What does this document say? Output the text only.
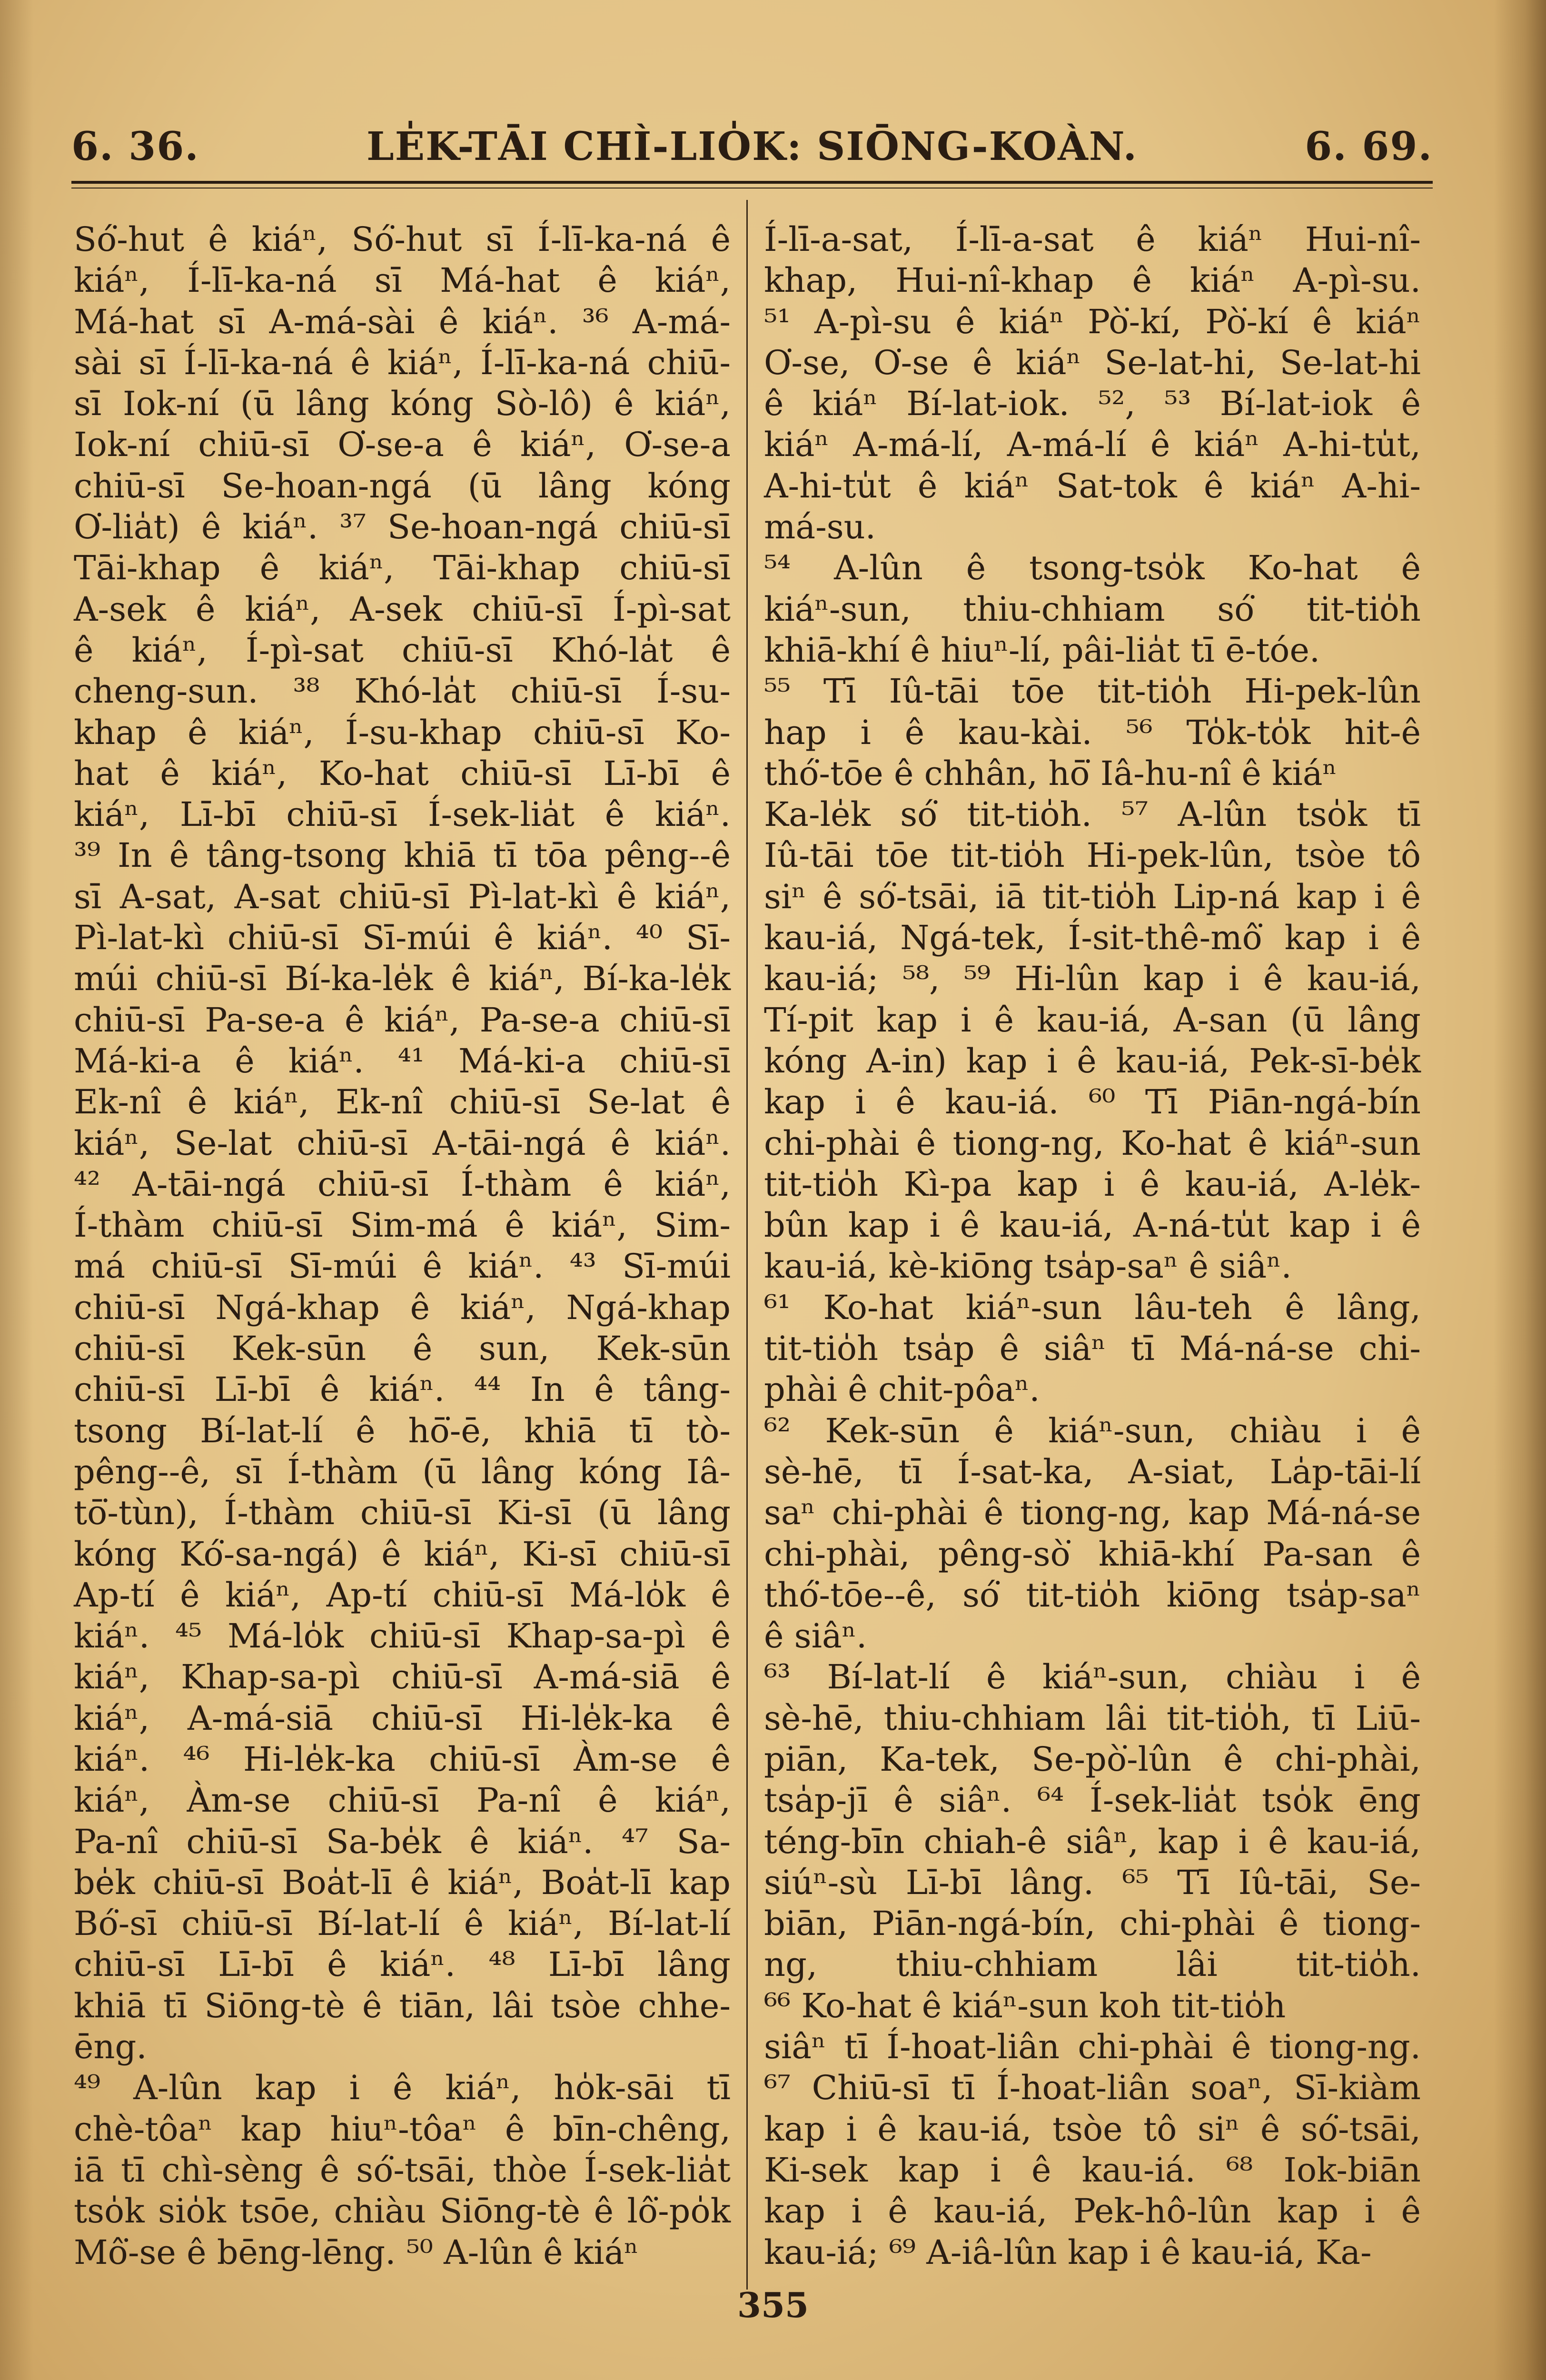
6. 36.	LE̍K-TĀI CHÌ-LIO̍K: SIŌNG-KOÀN.	6. 69.
Só͘-hut ê kiáⁿ, Só͘-hut sī Í-lī-ka-ná ê
kiáⁿ, Í-lī-ka-ná sī Má-hat ê kiáⁿ,
Má-hat sī A-má-sài ê kiáⁿ. ³⁶ A-má-
sài sī Í-lī-ka-ná ê kiáⁿ, Í-lī-ka-ná chiū-
sī Iok-ní (ū lâng kóng Sò-lô) ê kiáⁿ,
Iok-ní chiū-sī O͘-se-a ê kiáⁿ, O͘-se-a
chiū-sī Se-hoan-ngá (ū lâng kóng
O͘-lia̍t) ê kiáⁿ. ³⁷ Se-hoan-ngá chiū-sī
Tāi-khap ê kiáⁿ, Tāi-khap chiū-sī
A-sek ê kiáⁿ, A-sek chiū-sī Í-pì-sat
ê kiáⁿ, Í-pì-sat chiū-sī Khó-la̍t ê
cheng-sun. ³⁸ Khó-la̍t chiū-sī Í-su-
khap ê kiáⁿ, Í-su-khap chiū-sī Ko-
hat ê kiáⁿ, Ko-hat chiū-sī Lī-bī ê
kiáⁿ, Lī-bī chiū-sī Í-sek-lia̍t ê kiáⁿ.
³⁹ In ê tâng-tsong khiā tī tōa pêng--ê
sī A-sat, A-sat chiū-sī Pì-lat-kì ê kiáⁿ,
Pì-lat-kì chiū-sī Sī-múi ê kiáⁿ. ⁴⁰ Sī-
múi chiū-sī Bí-ka-le̍k ê kiáⁿ, Bí-ka-le̍k
chiū-sī Pa-se-a ê kiáⁿ, Pa-se-a chiū-sī
Má-ki-a ê kiáⁿ. ⁴¹ Má-ki-a chiū-sī
Ek-nî ê kiáⁿ, Ek-nî chiū-sī Se-lat ê
kiáⁿ, Se-lat chiū-sī A-tāi-ngá ê kiáⁿ.
⁴² A-tāi-ngá chiū-sī Í-thàm ê kiáⁿ,
Í-thàm chiū-sī Sim-má ê kiáⁿ, Sim-
má chiū-sī Sī-múi ê kiáⁿ. ⁴³ Sī-múi
chiū-sī Ngá-khap ê kiáⁿ, Ngá-khap
chiū-sī Kek-sūn ê sun, Kek-sūn
chiū-sī Lī-bī ê kiáⁿ. ⁴⁴ In ê tâng-
tsong Bí-lat-lí ê hō͘-ē, khiā tī tò-
pêng--ê, sī Í-thàm (ū lâng kóng Iâ-
tō͘-tùn), Í-thàm chiū-sī Ki-sī (ū lâng
kóng Kó͘-sa-ngá) ê kiáⁿ, Ki-sī chiū-sī
Ap-tí ê kiáⁿ, Ap-tí chiū-sī Má-lo̍k ê
kiáⁿ. ⁴⁵ Má-lo̍k chiū-sī Khap-sa-pì ê
kiáⁿ, Khap-sa-pì chiū-sī A-má-siā ê
kiáⁿ, A-má-siā chiū-sī Hi-le̍k-ka ê
kiáⁿ. ⁴⁶ Hi-le̍k-ka chiū-sī Àm-se ê
kiáⁿ, Àm-se chiū-sī Pa-nî ê kiáⁿ,
Pa-nî chiū-sī Sa-be̍k ê kiáⁿ. ⁴⁷ Sa-
be̍k chiū-sī Boa̍t-lī ê kiáⁿ, Boa̍t-lī kap
Bó͘-sī chiū-sī Bí-lat-lí ê kiáⁿ, Bí-lat-lí
chiū-sī Lī-bī ê kiáⁿ. ⁴⁸ Lī-bī lâng
khiā tī Siōng-tè ê tiān, lâi tsòe chhe-
ēng.
⁴⁹ A-lûn kap i ê kiáⁿ, ho̍k-sāi tī
chè-tôaⁿ kap hiuⁿ-tôaⁿ ê bīn-chêng,
iā tī chì-sèng ê só͘-tsāi, thòe Í-sek-lia̍t
tso̍k sio̍k tsōe, chiàu Siōng-tè ê lô͘-po̍k
Mô͘-se ê bēng-lēng. ⁵⁰ A-lûn ê kiáⁿ
Í-lī-a-sat, Í-lī-a-sat ê kiáⁿ Hui-nî-
khap, Hui-nî-khap ê kiáⁿ A-pì-su.
⁵¹ A-pì-su ê kiáⁿ Pò͘-kí, Pò͘-kí ê kiáⁿ
O͘-se, O͘-se ê kiáⁿ Se-lat-hi, Se-lat-hi
ê kiáⁿ Bí-lat-iok. ⁵², ⁵³ Bí-lat-iok ê
kiáⁿ A-má-lí, A-má-lí ê kiáⁿ A-hi-tu̍t,
A-hi-tu̍t ê kiáⁿ Sat-tok ê kiáⁿ A-hi-
má-su.
⁵⁴ A-lûn ê tsong-tso̍k Ko-hat ê
kiáⁿ-sun, thiu-chhiam só͘ tit-tio̍h
khiā-khí ê hiuⁿ-lí, pâi-lia̍t tī ē-tóe.
⁵⁵ Tī Iû-tāi tōe tit-tio̍h Hi-pek-lûn
hap i ê kau-kài. ⁵⁶ To̍k-to̍k hit-ê
thó͘-tōe ê chhân, hō͘ Iâ-hu-nî ê kiáⁿ
Ka-le̍k só͘ tit-tio̍h. ⁵⁷ A-lûn tso̍k tī
Iû-tāi tōe tit-tio̍h Hi-pek-lûn, tsòe tô
siⁿ ê só͘-tsāi, iā tit-tio̍h Lip-ná kap i ê
kau-iá, Ngá-tek, Í-sit-thê-mô͘ kap i ê
kau-iá; ⁵⁸, ⁵⁹ Hi-lûn kap i ê kau-iá,
Tí-pit kap i ê kau-iá, A-san (ū lâng
kóng A-in) kap i ê kau-iá, Pek-sī-be̍k
kap i ê kau-iá. ⁶⁰ Tī Piān-ngá-bín
chi-phài ê tiong-ng, Ko-hat ê kiáⁿ-sun
tit-tio̍h Kì-pa kap i ê kau-iá, A-le̍k-
bûn kap i ê kau-iá, A-ná-tu̍t kap i ê
kau-iá, kè-kiōng tsa̍p-saⁿ ê siâⁿ.
⁶¹ Ko-hat kiáⁿ-sun lâu-teh ê lâng,
tit-tio̍h tsa̍p ê siâⁿ tī Má-ná-se chi-
phài ê chit-pôaⁿ.
⁶² Kek-sūn ê kiáⁿ-sun, chiàu i ê
sè-hē, tī Í-sat-ka, A-siat, La̍p-tāi-lí
saⁿ chi-phài ê tiong-ng, kap Má-ná-se
chi-phài, pêng-sò͘ khiā-khí Pa-san ê
thó͘-tōe--ê, só͘ tit-tio̍h kiōng tsa̍p-saⁿ
ê siâⁿ.
⁶³ Bí-lat-lí ê kiáⁿ-sun, chiàu i ê
sè-hē, thiu-chhiam lâi tit-tio̍h, tī Liū-
piān, Ka-tek, Se-pò͘-lûn ê chi-phài,
tsa̍p-jī ê siâⁿ. ⁶⁴ Í-sek-lia̍t tso̍k ēng
téng-bīn chiah-ê siâⁿ, kap i ê kau-iá,
siúⁿ-sù Lī-bī lâng. ⁶⁵ Tī Iû-tāi, Se-
biān, Piān-ngá-bín, chi-phài ê tiong-
ng, thiu-chhiam lâi tit-tio̍h.
⁶⁶ Ko-hat ê kiáⁿ-sun koh tit-tio̍h
siâⁿ tī Í-hoat-liân chi-phài ê tiong-ng.
⁶⁷ Chiū-sī tī Í-hoat-liân soaⁿ, Sī-kiàm
kap i ê kau-iá, tsòe tô siⁿ ê só͘-tsāi,
Ki-sek kap i ê kau-iá. ⁶⁸ Iok-biān
kap i ê kau-iá, Pek-hô-lûn kap i ê
kau-iá; ⁶⁹ A-iâ-lûn kap i ê kau-iá, Ka-
355
